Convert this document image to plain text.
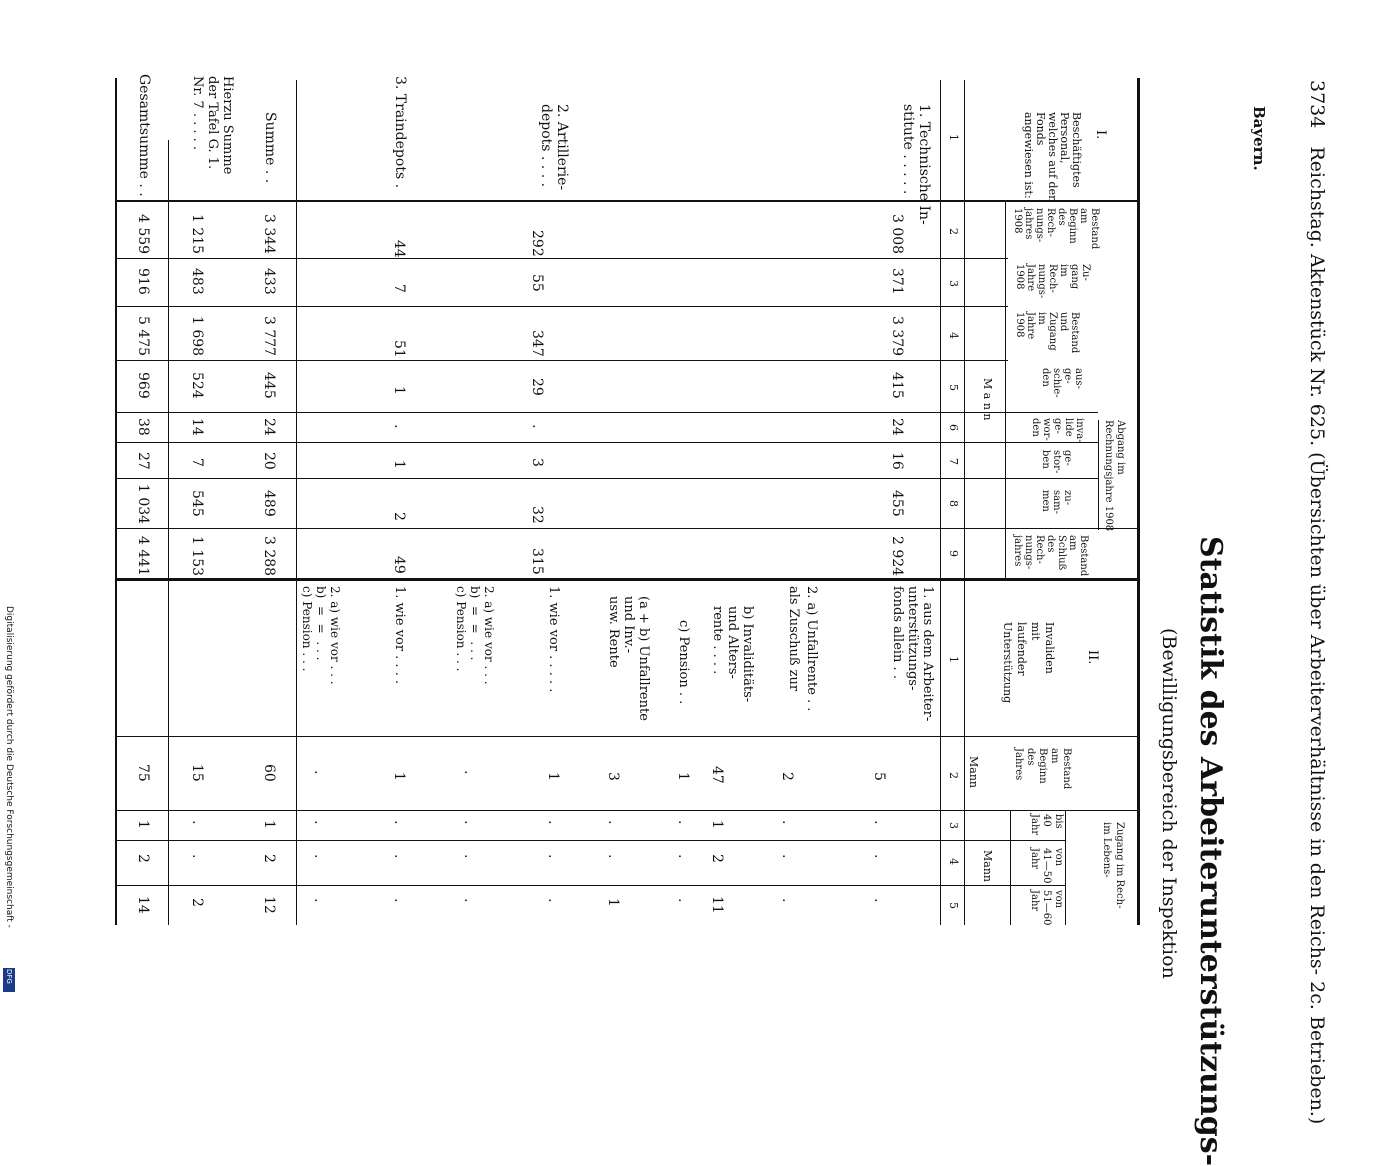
Bayern.
3734   Reichstag. Aktenstück Nr. 625. (Übersichten über Arbeiterverhältnisse in den Reichs- 2c. Betrieben.)
Statistik des Arbeiterunterstützungs-
(Bewilligungsbereich der Inspektion
I.
Beschäftigtes
Personal,
welches auf den
Fonds
angewiesen ist:
Bestand
am
Beginn
des
Rech-
nungs-
jahres
1908
Zu-
gang
im
Rech-
nungs-
Jahre
1908
Bestand
und
Zugang
im
Jahre
1908
Abgang im
Rechnungsjahre 1908
aus-
ge-
schie-
den
inva-
lide
ge-
wor-
den
ge-
stor-
ben
zu-
sam-
men
Bestand
am
Schluß
des
Rech-
nungs-
jahres
M a n n
1
2
3
4
5
6
7
8
9
1. Technische In-
stitute . . . . .
3 008
371
3 379
415
24
16
455
2 924
2. Artillerie-
depots . . . .
292
55
347
29
.
3
32
315
3. Traindepots .
44
7
51
1
.
1
2
49
Summe . .
3 344
433
3 777
445
24
20
489
3 288
Hierzu Summe
der Tafel G. 1.
Nr. 7 . . . . .
1 215
483
1 698
524
14
7
545
1 153
Gesamtsumme . .
4 559
916
5 475
969
38
27
1 034
4 441
II.
Invaliden
mit
laufender
Unterstützung
Bestand
am
Beginn
des
Jahres
Zugang im Rech-
im Lebens-
bis
40
Jahr
von
41—50
Jahr
von
51—60
Jahr
Mann
Mann
1
2
3
4
5
1. aus dem Arbeiter-
unterstützungs-
fonds allein . .
5
.
.
.
2. a) Unfallrente . .
als Zuschuß zur
2
.
.
.
b) Invaliditäts-
und Alters-
rente . . . .
47
1
2
11
c) Pension . .
1
.
.
.
(a + b) Unfallrente
und Inv.-
usw. Rente
3
.
.
1
1. wie vor . . . . .
1
.
.
.
2. a) wie vor . . .
b)  =  =  . . .
c) Pension . . .
.
.
.
.
1. wie vor . . . .
1
.
.
.
2. a) wie vor . . .
b)  =  =  . . .
c) Pension . . .
.
.
.
.
60
1
2
12
15
.
.
2
75
1
2
14
Digitalisierung gefördert durch die Deutsche Forschungsgemeinschaft -
DFG
